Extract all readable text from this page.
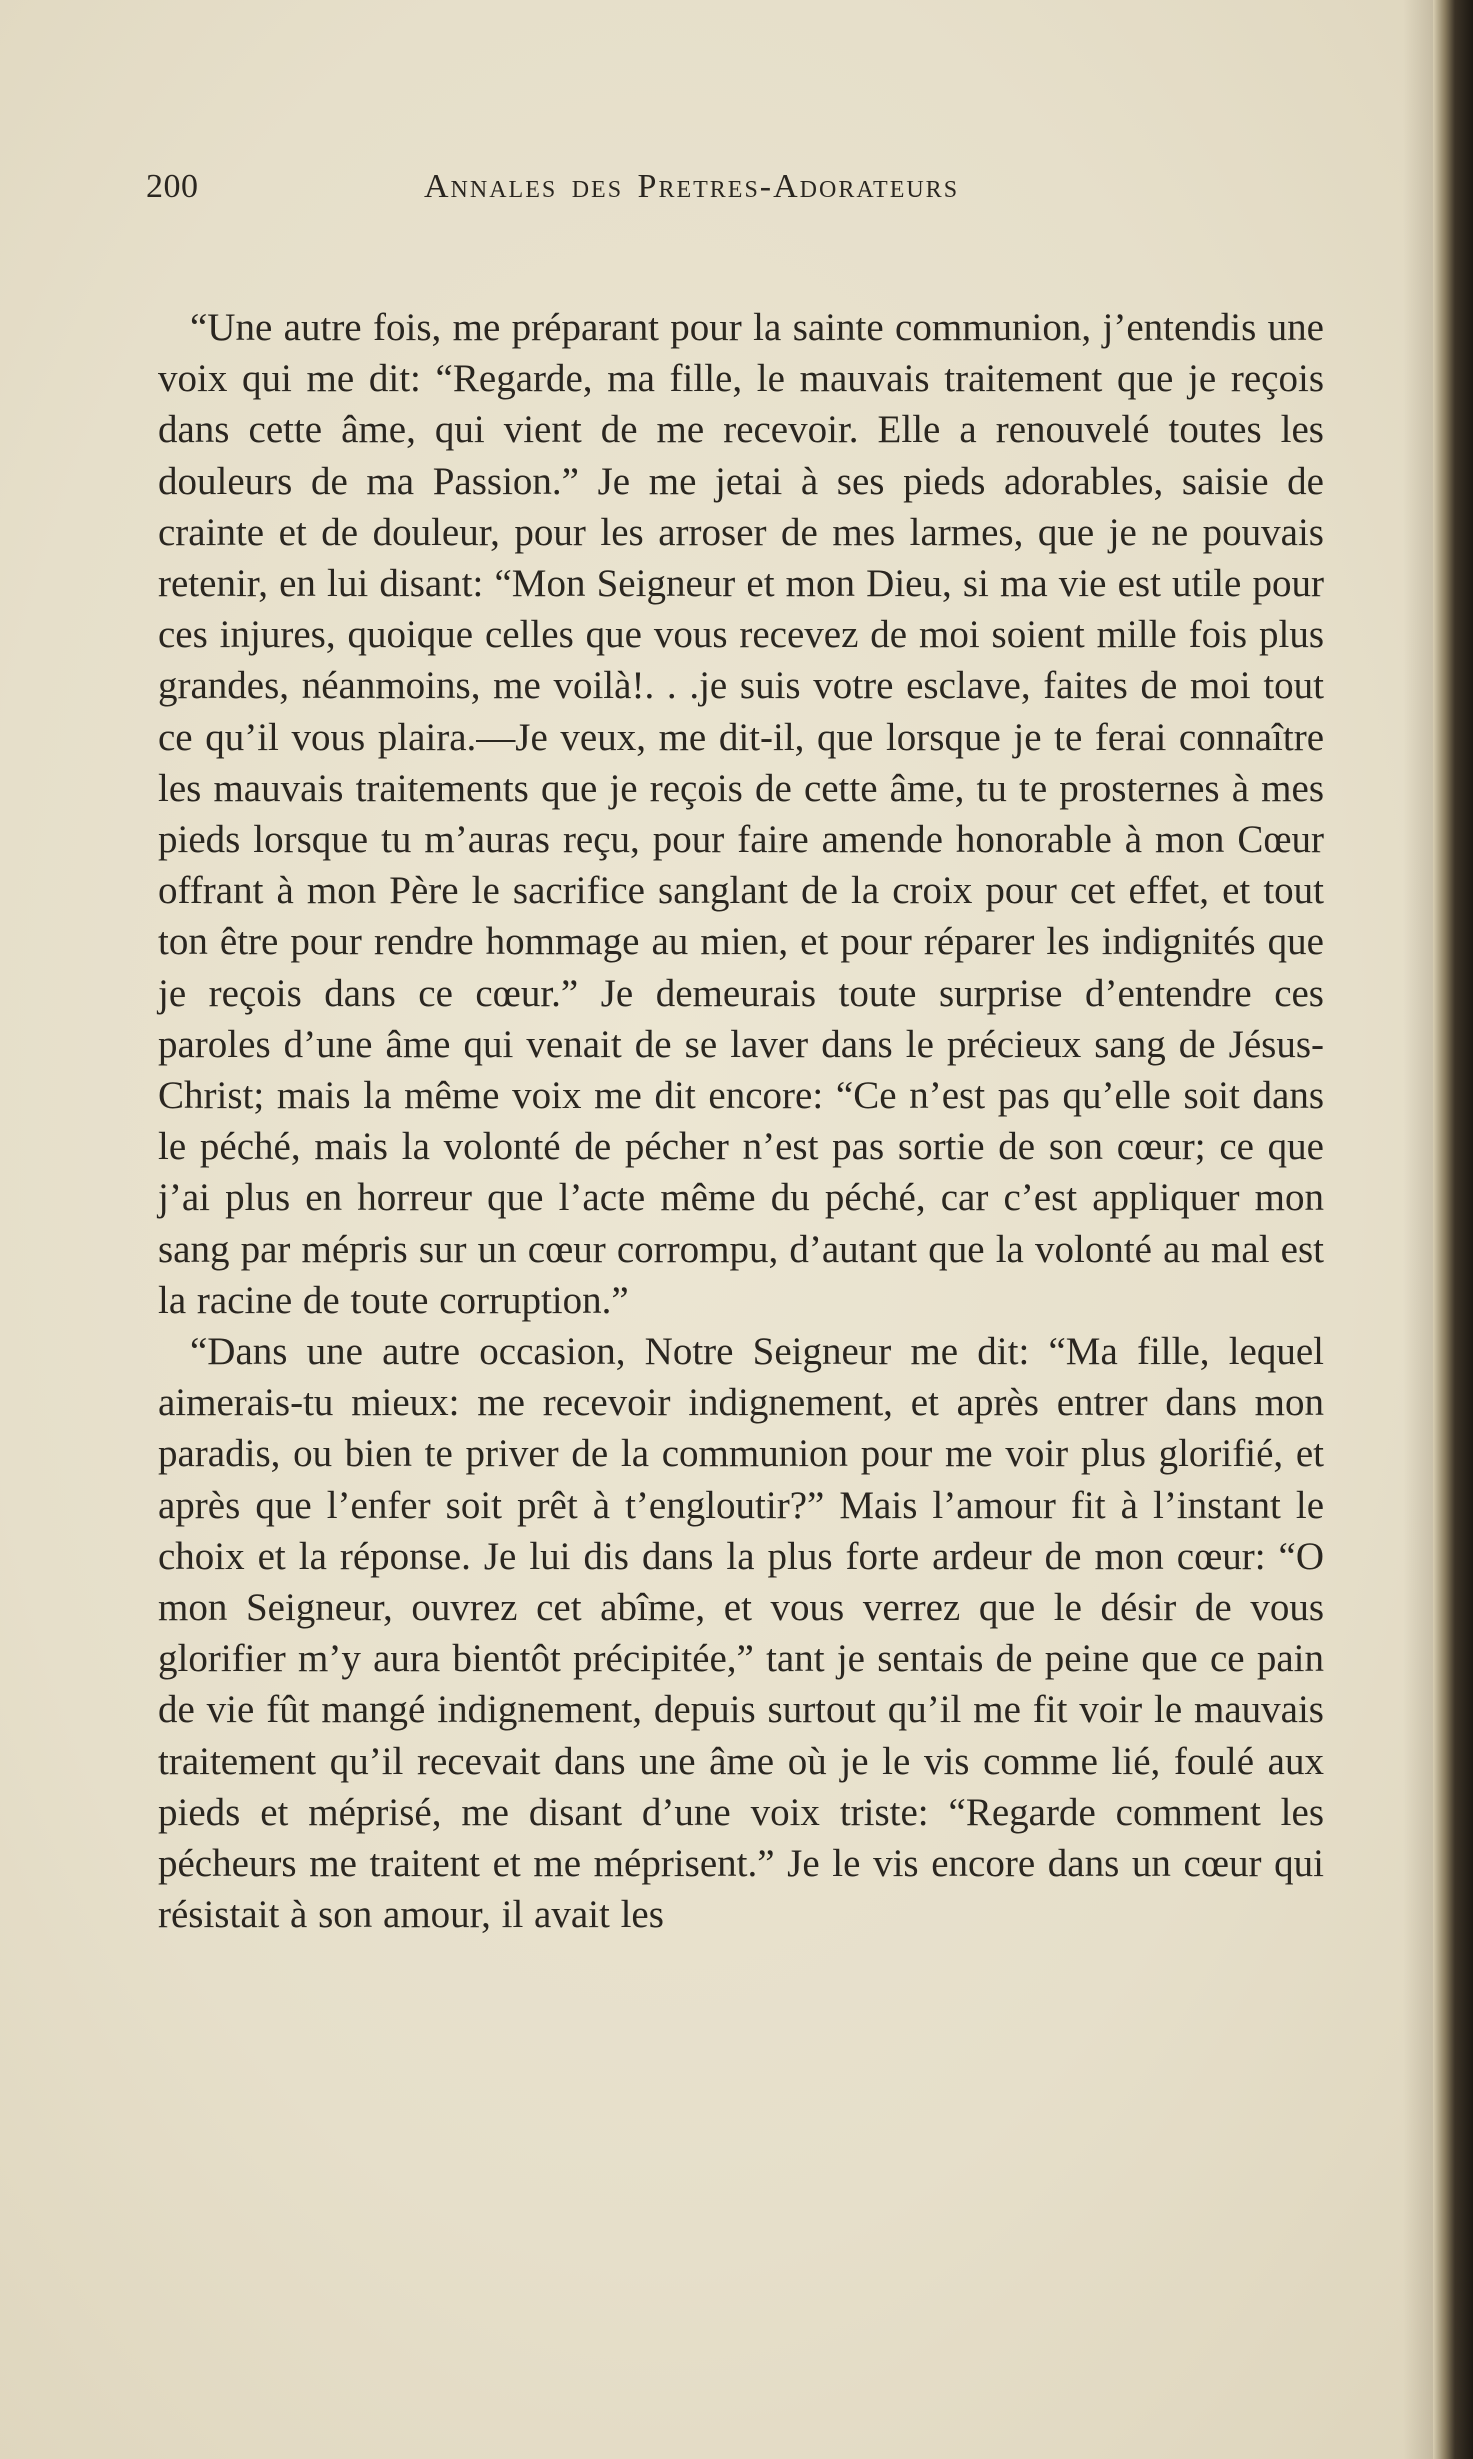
200	Annales des Pretres-Adorateurs

“Une autre fois, me préparant pour la sainte communion, j’entendis une voix qui me dit: “Regarde, ma fille, le mauvais traitement que je reçois dans cette âme, qui vient de me recevoir. Elle a renouvelé toutes les douleurs de ma Passion.” Je me jetai à ses pieds adorables, saisie de crainte et de douleur, pour les arroser de mes larmes, que je ne pouvais retenir, en lui disant: “Mon Seigneur et mon Dieu, si ma vie est utile pour ces injures, quoique celles que vous recevez de moi soient mille fois plus grandes, néanmoins, me voilà!. . .je suis votre esclave, faites de moi tout ce qu’il vous plaira.—Je veux, me dit-il, que lorsque je te ferai connaître les mauvais traitements que je reçois de cette âme, tu te prosternes à mes pieds lorsque tu m’auras reçu, pour faire amende honorable à mon Cœur offrant à mon Père le sacrifice sanglant de la croix pour cet effet, et tout ton être pour rendre hommage au mien, et pour réparer les indignités que je reçois dans ce cœur.” Je demeurais toute surprise d’entendre ces paroles d’une âme qui venait de se laver dans le précieux sang de Jésus-Christ; mais la même voix me dit encore: “Ce n’est pas qu’elle soit dans le péché, mais la volonté de pécher n’est pas sortie de son cœur; ce que j’ai plus en horreur que l’acte même du péché, car c’est appliquer mon sang par mépris sur un cœur corrompu, d’autant que la volonté au mal est la racine de toute corruption.”

“Dans une autre occasion, Notre Seigneur me dit: “Ma fille, lequel aimerais-tu mieux: me recevoir indignement, et après entrer dans mon paradis, ou bien te priver de la communion pour me voir plus glorifié, et après que l’enfer soit prêt à t’engloutir?” Mais l’amour fit à l’instant le choix et la réponse. Je lui dis dans la plus forte ardeur de mon cœur: “O mon Seigneur, ouvrez cet abîme, et vous verrez que le désir de vous glorifier m’y aura bientôt précipitée,” tant je sentais de peine que ce pain de vie fût mangé indignement, depuis surtout qu’il me fit voir le mauvais traitement qu’il recevait dans une âme où je le vis comme lié, foulé aux pieds et méprisé, me disant d’une voix triste: “Regarde comment les pécheurs me traitent et me méprisent.” Je le vis encore dans un cœur qui résistait à son amour, il avait les
